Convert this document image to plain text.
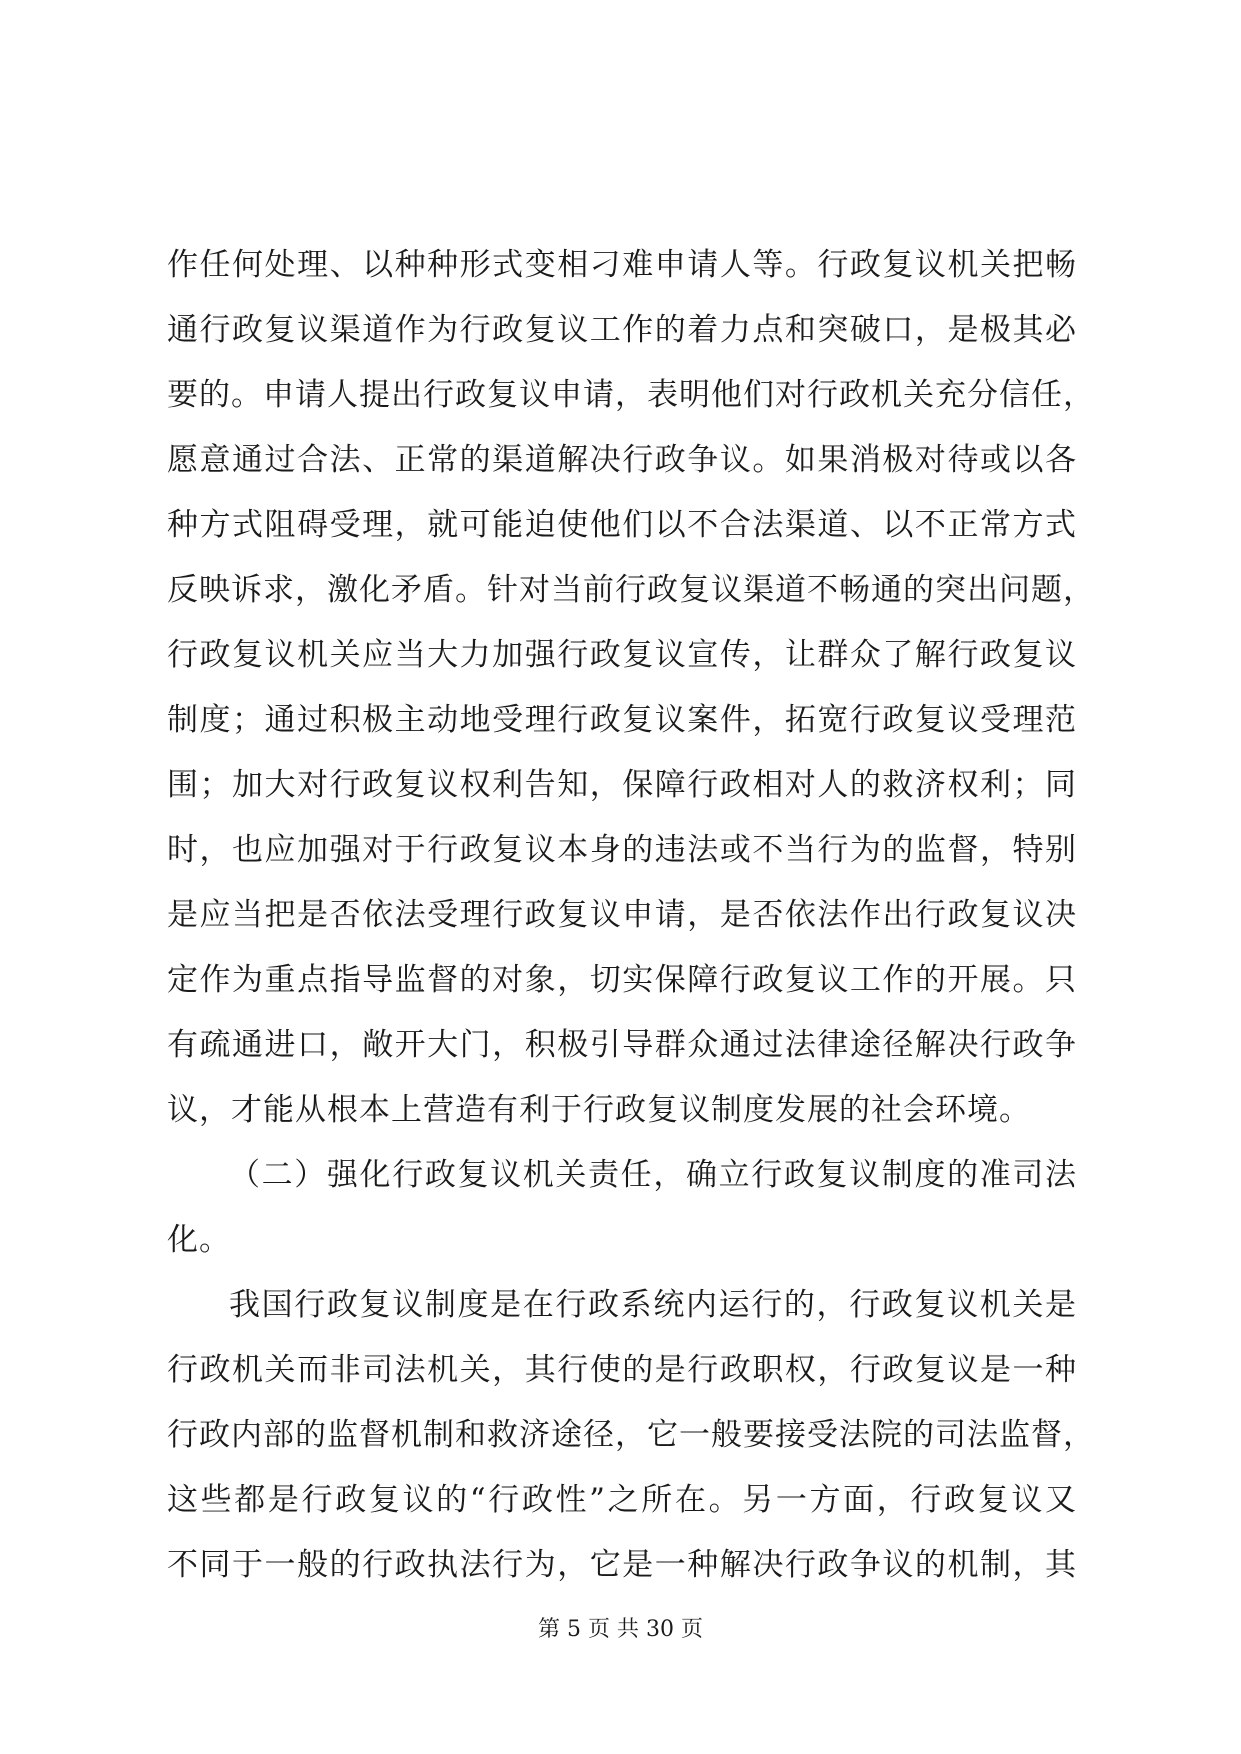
作任何处理、以种种形式变相刁难申请人等。行政复议机关把畅
通行政复议渠道作为行政复议工作的着力点和突破口，是极其必
要的。申请人提出行政复议申请，表明他们对行政机关充分信任，
愿意通过合法、正常的渠道解决行政争议。如果消极对待或以各
种方式阻碍受理，就可能迫使他们以不合法渠道、以不正常方式
反映诉求，激化矛盾。针对当前行政复议渠道不畅通的突出问题，
行政复议机关应当大力加强行政复议宣传，让群众了解行政复议
制度；通过积极主动地受理行政复议案件，拓宽行政复议受理范
围；加大对行政复议权利告知，保障行政相对人的救济权利；同
时，也应加强对于行政复议本身的违法或不当行为的监督，特别
是应当把是否依法受理行政复议申请，是否依法作出行政复议决
定作为重点指导监督的对象，切实保障行政复议工作的开展。只
有疏通进口，敞开大门，积极引导群众通过法律途径解决行政争
议，才能从根本上营造有利于行政复议制度发展的社会环境。
（二）强化行政复议机关责任，确立行政复议制度的准司法
化。
我国行政复议制度是在行政系统内运行的，行政复议机关是
行政机关而非司法机关，其行使的是行政职权，行政复议是一种
行政内部的监督机制和救济途径，它一般要接受法院的司法监督，
这些都是行政复议的“行政性”之所在。另一方面，行政复议又
不同于一般的行政执法行为，它是一种解决行政争议的机制，其
第 5 页 共 30 页
